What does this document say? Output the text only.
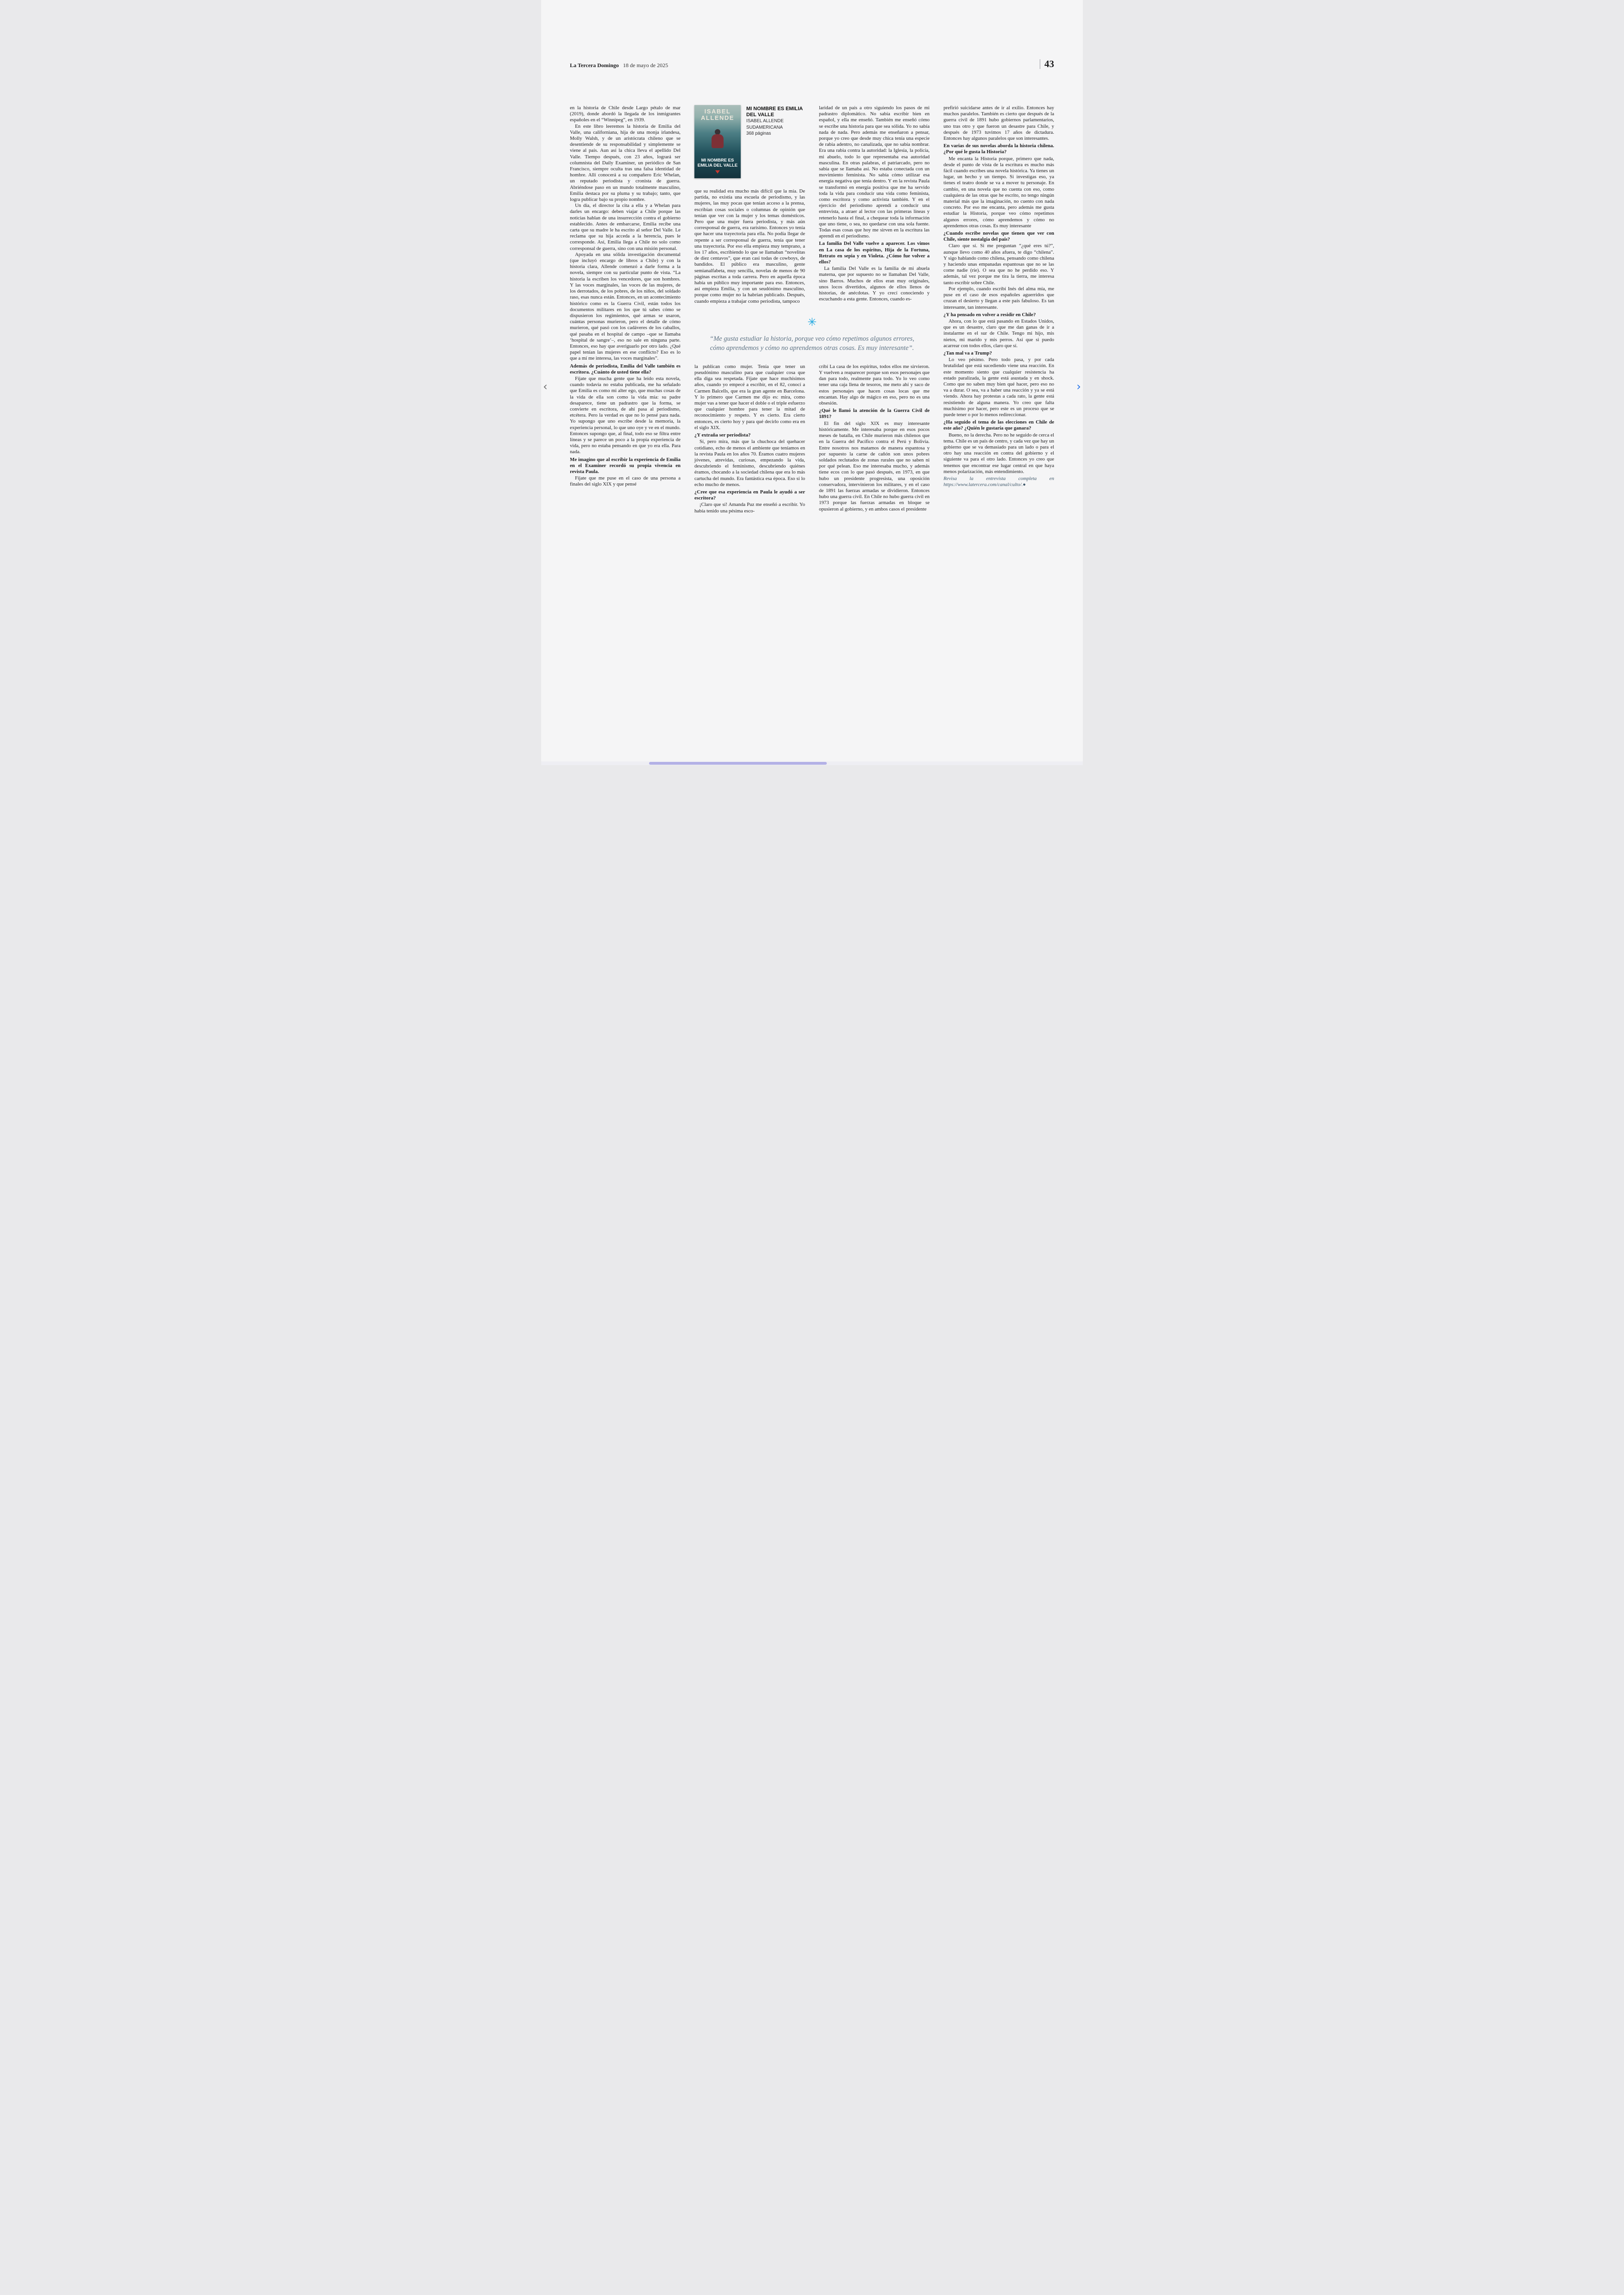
La Tercera Domingo 18 de mayo de 2025	43

en la historia de Chile desde Largo pétalo de mar (2019), donde abordó la llegada de los inmigrantes españoles en el “Winnipeg”, en 1939.

En este libro leeremos la historia de Emilia del Valle, una californiana, hija de una monja irlandesa, Molly Walsh, y de un aristócrata chileno que se desentiende de su responsabilidad y simplemente se viene al país. Aun así la chica lleva el apellido Del Valle. Tiempo después, con 23 años, logrará ser columnista del Daily Examiner, un periódico de San Francisco, siempre oculta tras una falsa identidad de hombre. Allí conocerá a su compañero Eric Whelan, un reputado periodista y cronista de guerra. Abriéndose paso en un mundo totalmente masculino, Emilia destaca por su pluma y su trabajo; tanto, que logra publicar bajo su propio nombre.

Un día, el director la cita a ella y a Whelan para darles un encargo: deben viajar a Chile porque las noticias hablan de una insurrección contra el gobierno establecido. Antes de embarcarse, Emilia recibe una carta que su madre le ha escrito al señor Del Valle. Le reclama que su hija acceda a la herencia, pues le corresponde. Así, Emilia llega a Chile no solo como corresponsal de guerra, sino con una misión personal.

Apoyada en una sólida investigación documental (que incluyó encargo de libros a Chile) y con la historia clara, Allende comenzó a darle forma a la novela, siempre con su particular punto de vista. “La historia la escriben los vencedores, que son hombres. Y las voces marginales, las voces de las mujeres, de los derrotados, de los pobres, de los niños, del soldado raso, esas nunca están. Entonces, en un acontecimiento histórico como es la Guerra Civil, están todos los documentos militares en los que tú sabes cómo se dispusieron los regimientos, qué armas se usaron, cuántas personas murieron, pero el detalle de cómo murieron, qué pasó con los cadáveres de los caballos, qué pasaba en el hospital de campo –que se llamaba ‘hospital de sangre’–, eso no sale en ninguna parte. Entonces, eso hay que averiguarlo por otro lado. ¿Qué papel tenían las mujeres en ese conflicto? Eso es lo que a mí me interesa, las voces marginales”.

Además de periodista, Emilia del Valle también es escritora. ¿Cuánto de usted tiene ella?

Fíjate que mucha gente que ha leído esta novela, cuando todavía no estaba publicada, me ha señalado que Emilia es como mi alter ego, que muchas cosas de la vida de ella son como la vida mía: su padre desaparece, tiene un padrastro que la forma, se convierte en escritora, de ahí pasa al periodismo, etcétera. Pero la verdad es que no lo pensé para nada. Yo supongo que uno escribe desde la memoria, la experiencia personal, lo que uno oye y ve en el mundo. Entonces supongo que, al final, todo eso se filtra entre líneas y se parece un poco a la propia experiencia de vida, pero no estaba pensando en que yo era ella. Para nada.

Me imagino que al escribir la experiencia de Emilia en el Examiner recordó su propia vivencia en revista Paula.

Fíjate que me puse en el caso de una persona a finales del siglo XIX y que pensé

ISABEL ALLENDE
MI NOMBRE ES EMILIA DEL VALLE
MI NOMBRE ES EMILIA DEL VALLE
ISABEL ALLENDE
SUDAMERICANA
368 páginas

que su realidad era mucho más difícil que la mía. De partida, no existía una escuela de periodismo, y las mujeres, las muy pocas que tenían acceso a la prensa, escribían cosas sociales o columnas de opinión que tenían que ver con la mujer y los temas domésticos. Pero que una mujer fuera periodista, y más aún corresponsal de guerra, era rarísimo. Entonces yo tenía que hacer una trayectoria para ella. No podía llegar de repente a ser corresponsal de guerra, tenía que tener una trayectoria. Por eso ella empieza muy temprano, a los 17 años, escribiendo lo que se llamaban “novelitas de diez centavos”, que eran casi todas de cowboys, de bandidos. El público era masculino, gente semianalfabeta, muy sencilla, novelas de menos de 90 páginas escritas a toda carrera. Pero en aquella época había un público muy importante para eso. Entonces, así empieza Emilia, y con un seudónimo masculino, porque como mujer no la habrían publicado. Después, cuando empieza a trabajar como periodista, tampoco

laridad de un país a otro siguiendo los pasos de mi padrastro diplomático. No sabía escribir bien en español, y ella me enseñó. También me enseñó cómo se escribe una historia para que sea sólida. Yo no sabía nada de nada. Pero además me enseñaron a pensar, porque yo creo que desde muy chica tenía una especie de rabia adentro, no canalizada, que no sabía nombrar. Era una rabia contra la autoridad: la Iglesia, la policía, mi abuelo, todo lo que representaba esa autoridad masculina. En otras palabras, el patriarcado, pero no sabía que se llamaba así. No estaba conectada con un movimiento feminista. No sabía cómo utilizar esa energía negativa que tenía dentro. Y en la revista Paula se transformó en energía positiva que me ha servido toda la vida para conducir una vida como feminista, como escritora y como activista también. Y en el ejercicio del periodismo aprendí a conducir una entrevista, a atraer al lector con las primeras líneas y retenerlo hasta el final, a chequear toda la información que uno tiene, o sea, no quedarse con una sola fuente. Todas esas cosas que hoy me sirven en la escritura las aprendí en el periodismo.

La familia Del Valle vuelve a aparecer. Los vimos en La casa de los espíritus, Hija de la Fortuna, Retrato en sepia y en Violeta. ¿Cómo fue volver a ellos?

La familia Del Valle es la familia de mi abuela materna, que por supuesto no se llamaban Del Valle, sino Barros. Muchos de ellos eran muy originales, unos locos divertidos, algunos de ellos llenos de historias, de anécdotas. Y yo crecí conociendo y escuchando a esta gente. Entonces, cuando es-

✳
“Me gusta estudiar la historia, porque veo cómo repetimos algunos errores, cómo aprendemos y cómo no aprendemos otras cosas. Es muy interesante”.

la publican como mujer. Tenía que tener un pseudónimo masculino para que cualquier cosa que ella diga sea respetada. Fíjate que hace muchísimos años, cuando yo empecé a escribir, en el 82, conocí a Carmen Balcells, que era la gran agente en Barcelona. Y lo primero que Carmen me dijo es: mira, como mujer vas a tener que hacer el doble o el triple esfuerzo que cualquier hombre para tener la mitad de reconocimiento y respeto. Y es cierto. Era cierto entonces, es cierto hoy y para qué decirlo como era en el siglo XIX.

¿Y extraña ser periodista?

Sí, pero mira, más que la chuchoca del quehacer cotidiano, echo de menos el ambiente que teníamos en la revista Paula en los años 70. Éramos cuatro mujeres jóvenes, atrevidas, curiosas, empezando la vida, descubriendo el feminismo, descubriendo quiénes éramos, chocando a la sociedad chilena que era lo más cartucha del mundo. Era fantástica esa época. Eso sí lo echo mucho de menos.

¿Cree que esa experiencia en Paula le ayudó a ser escritora?

¡Claro que sí! Amanda Puz me enseñó a escribir. Yo había tenido una pésima esco-

cribí La casa de los espíritus, todos ellos me sirvieron. Y vuelven a reaparecer porque son esos personajes que dan para todo, realmente para todo. Yo lo veo como tener una caja llena de tesoros, me meto ahí y saco de estos personajes que hacen cosas locas que me encantan. Hay algo de mágico en eso, pero no es una obsesión.

¿Qué le llamó la atención de la Guerra Civil de 1891?

El fin del siglo XIX es muy interesante históricamente. Me interesaba porque en esos pocos meses de batalla, en Chile murieron más chilenos que en la Guerra del Pacífico contra el Perú y Bolivia. Entre nosotros nos matamos de manera espantosa y por supuesto la carne de cañón son unos pobres soldados reclutados de zonas rurales que no saben ni por qué pelean. Eso me interesaba mucho, y además tiene ecos con lo que pasó después, en 1973, en que hubo un presidente progresista, una oposición conservadora, intervinieron los militares, y en el caso de 1891 las fuerzas armadas se dividieron. Entonces hubo una guerra civil. En Chile no hubo guerra civil en 1973 porque las fuerzas armadas en bloque se opusieron al gobierno, y en ambos casos el presidente

prefirió suicidarse antes de ir al exilio. Entonces hay muchos paralelos. También es cierto que después de la guerra civil de 1891 hubo gobiernos parlamentarios, uno tras otro y que fueron un desastre para Chile, y después de 1973 tuvimos 17 años de dictadura. Entonces hay algunos paralelos que son interesantes.

En varias de sus novelas aborda la historia chilena. ¿Por qué le gusta la Historia?

Me encanta la Historia porque, primero que nada, desde el punto de vista de la escritura es mucho más fácil cuando escribes una novela histórica. Ya tienes un lugar, un hecho y un tiempo. Si investigas eso, ya tienes el teatro donde se va a mover tu personaje. En cambio, en una novela que no cuenta con eso, como cualquiera de las otras que he escrito, no tengo ningún material más que la imaginación, no cuento con nada concreto. Por eso me encanta, pero además me gusta estudiar la Historia, porque veo cómo repetimos algunos errores, cómo aprendemos y cómo no aprendemos otras cosas. Es muy interesante

¿Cuando escribe novelas que tienen que ver con Chile, siente nostalgia del país?

Claro que sí. Si me preguntan “¿qué eres tú?”, aunque llevo como 40 años afuera, te digo “chilena”. Y sigo hablando como chilena, pensando como chilena y haciendo unas empanadas espantosas que no se las come nadie (ríe). O sea que no he perdido eso. Y además, tal vez porque me tira la tierra, me interesa tanto escribir sobre Chile.

Por ejemplo, cuando escribí Inés del alma mía, me puse en el caso de esos españoles aguerridos que cruzan el desierto y llegan a este país fabuloso. Es tan interesante, tan interesante.

¿Y ha pensado en volver a residir en Chile?

Ahora, con lo que está pasando en Estados Unidos, que es un desastre, claro que me dan ganas de ir a instalarme en el sur de Chile. Tengo mi hijo, mis nietos, mi marido y mis perros. Así que si puedo acarrear con todos ellos, claro que sí.

¿Tan mal va a Trump?

Lo veo pésimo. Pero todo pasa, y por cada brutalidad que está sucediendo viene una reacción. En este momento siento que cualquier resistencia ha estado paralizada, la gente está asustada y en shock. Como que no saben muy bien qué hacer, pero eso no va a durar. O sea, va a haber una reacción y ya se está viendo. Ahora hay protestas a cada rato, la gente está resistiendo de alguna manera. Yo creo que falta muchísimo por hacer, pero este es un proceso que se puede tener o por lo menos redireccionar.

¿Ha seguido el tema de las elecciones en Chile de este año? ¿Quién le gustaría que ganara?

Bueno, no la derecha. Pero no he seguido de cerca el tema. Chile es un país de centro, y cada vez que hay un gobierno que se va demasiado para un lado o para el otro hay una reacción en contra del gobierno y el siguiente va para el otro lado. Entonces yo creo que tenemos que encontrar ese lugar central en que haya menos polarización, más entendimiento.

Revisa la entrevista completa en https://www.latercera.com/canal/culto/.●

‹	›
